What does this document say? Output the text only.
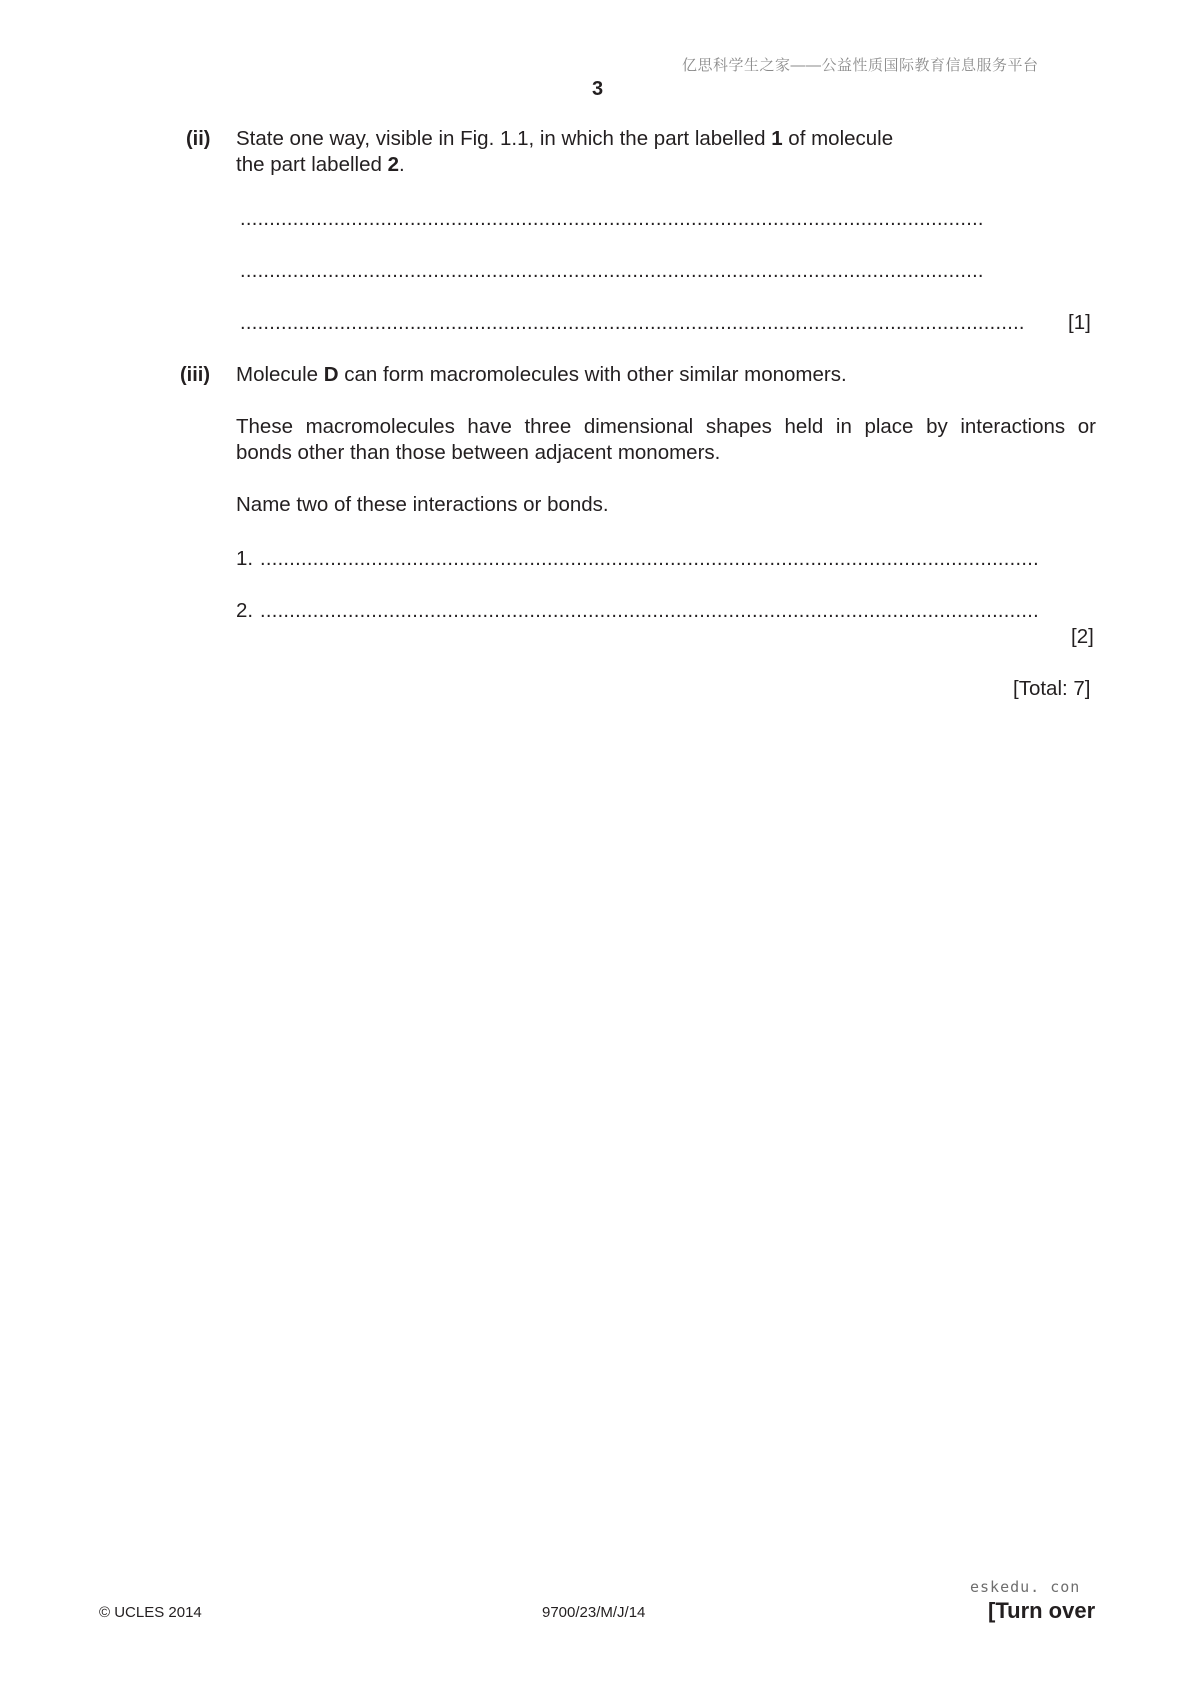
亿思科学生之家——公益性质国际教育信息服务平台
3
(ii) State one way, visible in Fig. 1.1, in which the part labelled 1 of molecule
the part labelled 2.
...............................................................................................................................
...............................................................................................................................
......................................................................................................................................	[1]
(iii) Molecule D can form macromolecules with other similar monomers.
These macromolecules have three dimensional shapes held in place by interactions or
bonds other than those between adjacent monomers.
Name two of these interactions or bonds.
1. .....................................................................................................................................
2. .....................................................................................................................................
[2]
[Total: 7]
eskedu. con
© UCLES 2014	9700/23/M/J/14	[Turn over
